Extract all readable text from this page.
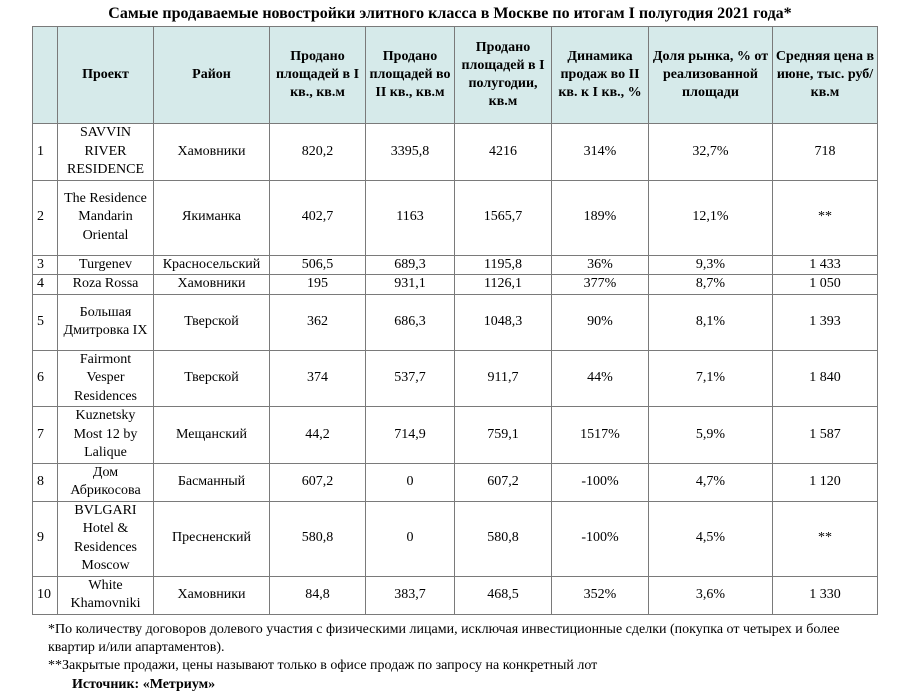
Самые продаваемые новостройки элитного класса в Москве по итогам I полугодия 2021 года*
	Проект	Район	Продано площадей в I кв., кв.м	Продано площадей во II кв., кв.м	Продано площадей в I полугодии, кв.м	Динамика продаж во II кв. к I кв., %	Доля рынка, % от реализованной площади	Средняя цена в июне, тыс. руб/кв.м
1	SAVVIN RIVER RESIDENCE	Хамовники	820,2	3395,8	4216	314%	32,7%	718
2	The Residence Mandarin Oriental	Якиманка	402,7	1163	1565,7	189%	12,1%	**
3	Turgenev	Красносельский	506,5	689,3	1195,8	36%	9,3%	1 433
4	Roza Rossa	Хамовники	195	931,1	1126,1	377%	8,7%	1 050
5	Большая Дмитровка IX	Тверской	362	686,3	1048,3	90%	8,1%	1 393
6	Fairmont Vesper Residences	Тверской	374	537,7	911,7	44%	7,1%	1 840
7	Kuznetsky Most 12 by Lalique	Мещанский	44,2	714,9	759,1	1517%	5,9%	1 587
8	Дом Абрикосова	Басманный	607,2	0	607,2	-100%	4,7%	1 120
9	BVLGARI Hotel & Residences Moscow	Пресненский	580,8	0	580,8	-100%	4,5%	**
10	White Khamovniki	Хамовники	84,8	383,7	468,5	352%	3,6%	1 330
*По количеству договоров долевого участия с физическими лицами, исключая инвестиционные сделки (покупка от четырех и более квартир и/или апартаментов).
**Закрытые продажи, цены называют только в офисе продаж по запросу на конкретный лот
Источник: «Метриум»
